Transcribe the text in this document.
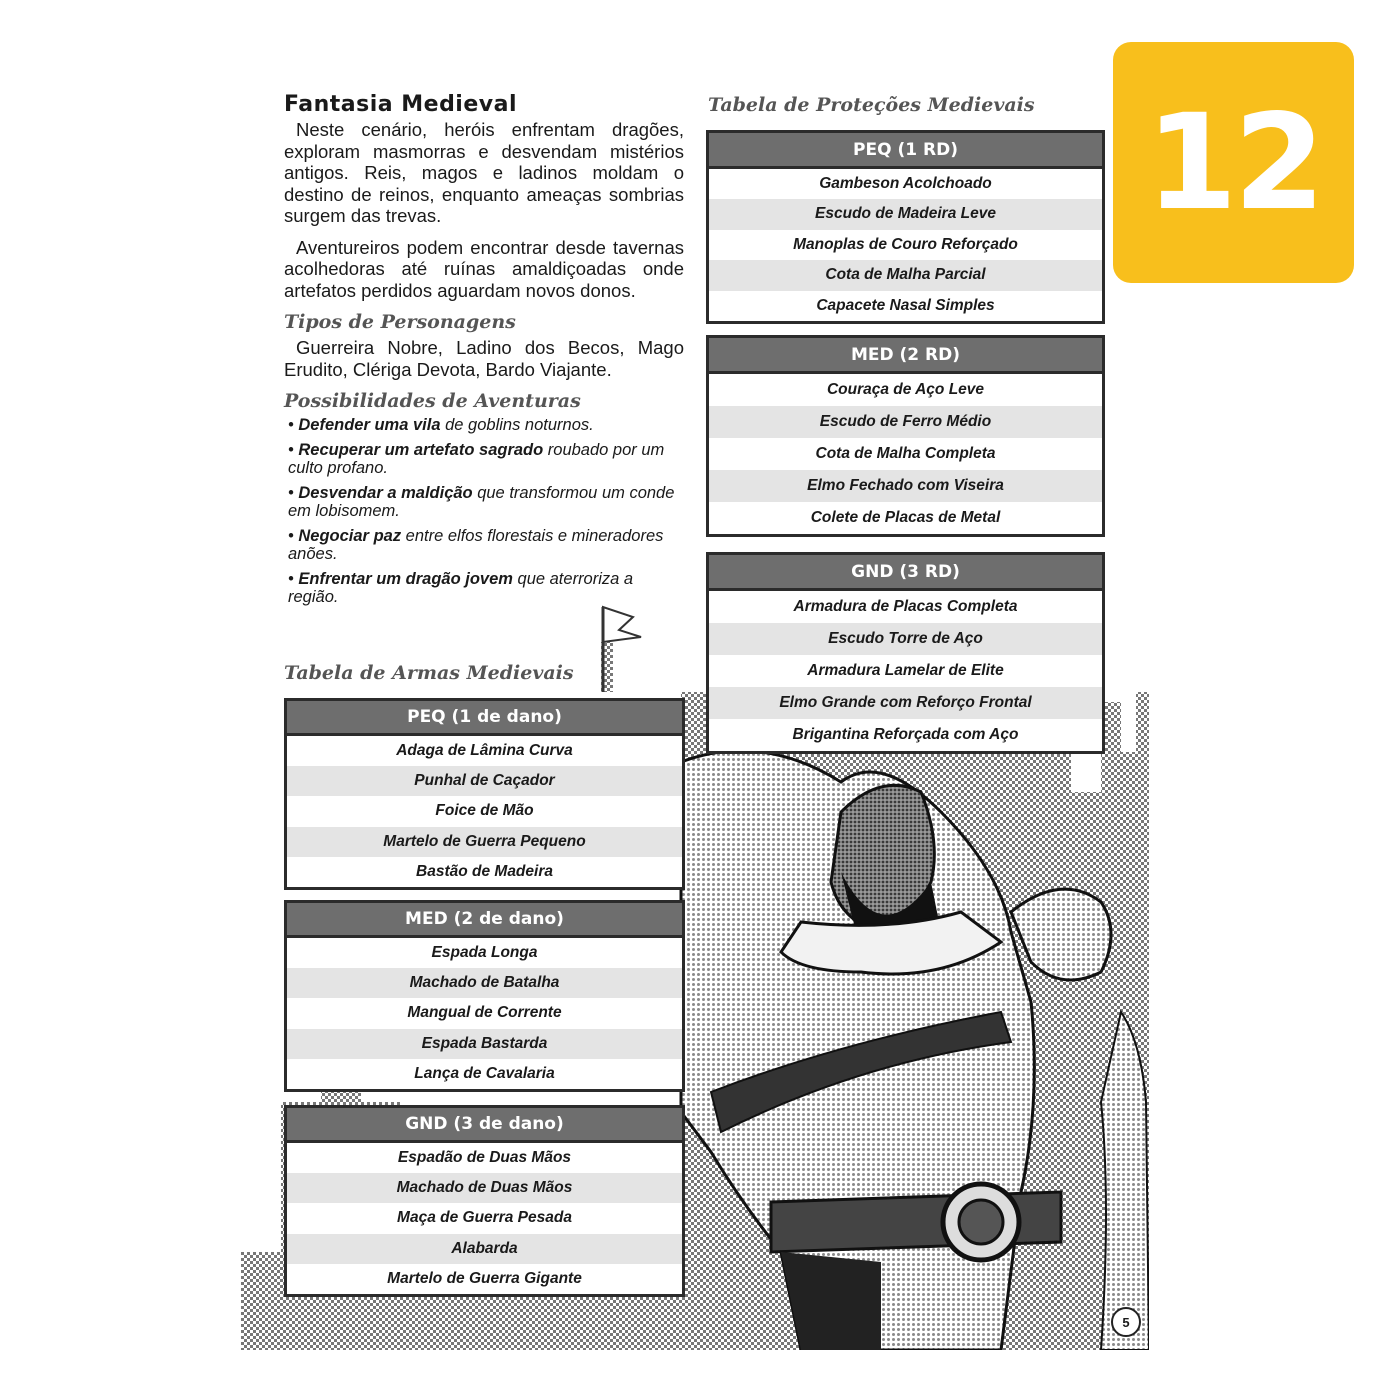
Fantasia Medieval

Neste cenário, heróis enfrentam dragões, exploram masmorras e desvendam mistérios antigos. Reis, magos e ladinos moldam o destino de reinos, enquanto ameaças sombrias surgem das trevas.

Aventureiros podem encontrar desde tavernas acolhedoras até ruínas amaldiçoadas onde artefatos perdidos aguardam novos donos.

Tipos de Personagens

Guerreira Nobre, Ladino dos Becos, Mago Erudito, Clériga Devota, Bardo Viajante.

Possibilidades de Aventuras
• Defender uma vila de goblins noturnos.
• Recuperar um artefato sagrado roubado por um culto profano.
• Desvendar a maldição que transformou um conde em lobisomem.
• Negociar paz entre elfos florestais e mineradores anões.
• Enfrentar um dragão jovem que aterroriza a região.
Tabela de Armas Medievais
PEQ (1 de dano)
Adaga de Lâmina Curva
Punhal de Caçador
Foice de Mão
Martelo de Guerra Pequeno
Bastão de Madeira
MED (2 de dano)
Espada Longa
Machado de Batalha
Mangual de Corrente
Espada Bastarda
Lança de Cavalaria
GND (3 de dano)
Espadão de Duas Mãos
Machado de Duas Mãos
Maça de Guerra Pesada
Alabarda
Martelo de Guerra Gigante
Tabela de Proteções Medievais
PEQ (1 RD)
Gambeson Acolchoado
Escudo de Madeira Leve
Manoplas de Couro Reforçado
Cota de Malha Parcial
Capacete Nasal Simples
MED (2 RD)
Couraça de Aço Leve
Escudo de Ferro Médio
Cota de Malha Completa
Elmo Fechado com Viseira
Colete de Placas de Metal
GND (3 RD)
Armadura de Placas Completa
Escudo Torre de Aço
Armadura Lamelar de Elite
Elmo Grande com Reforço Frontal
Brigantina Reforçada com Aço
12
5
